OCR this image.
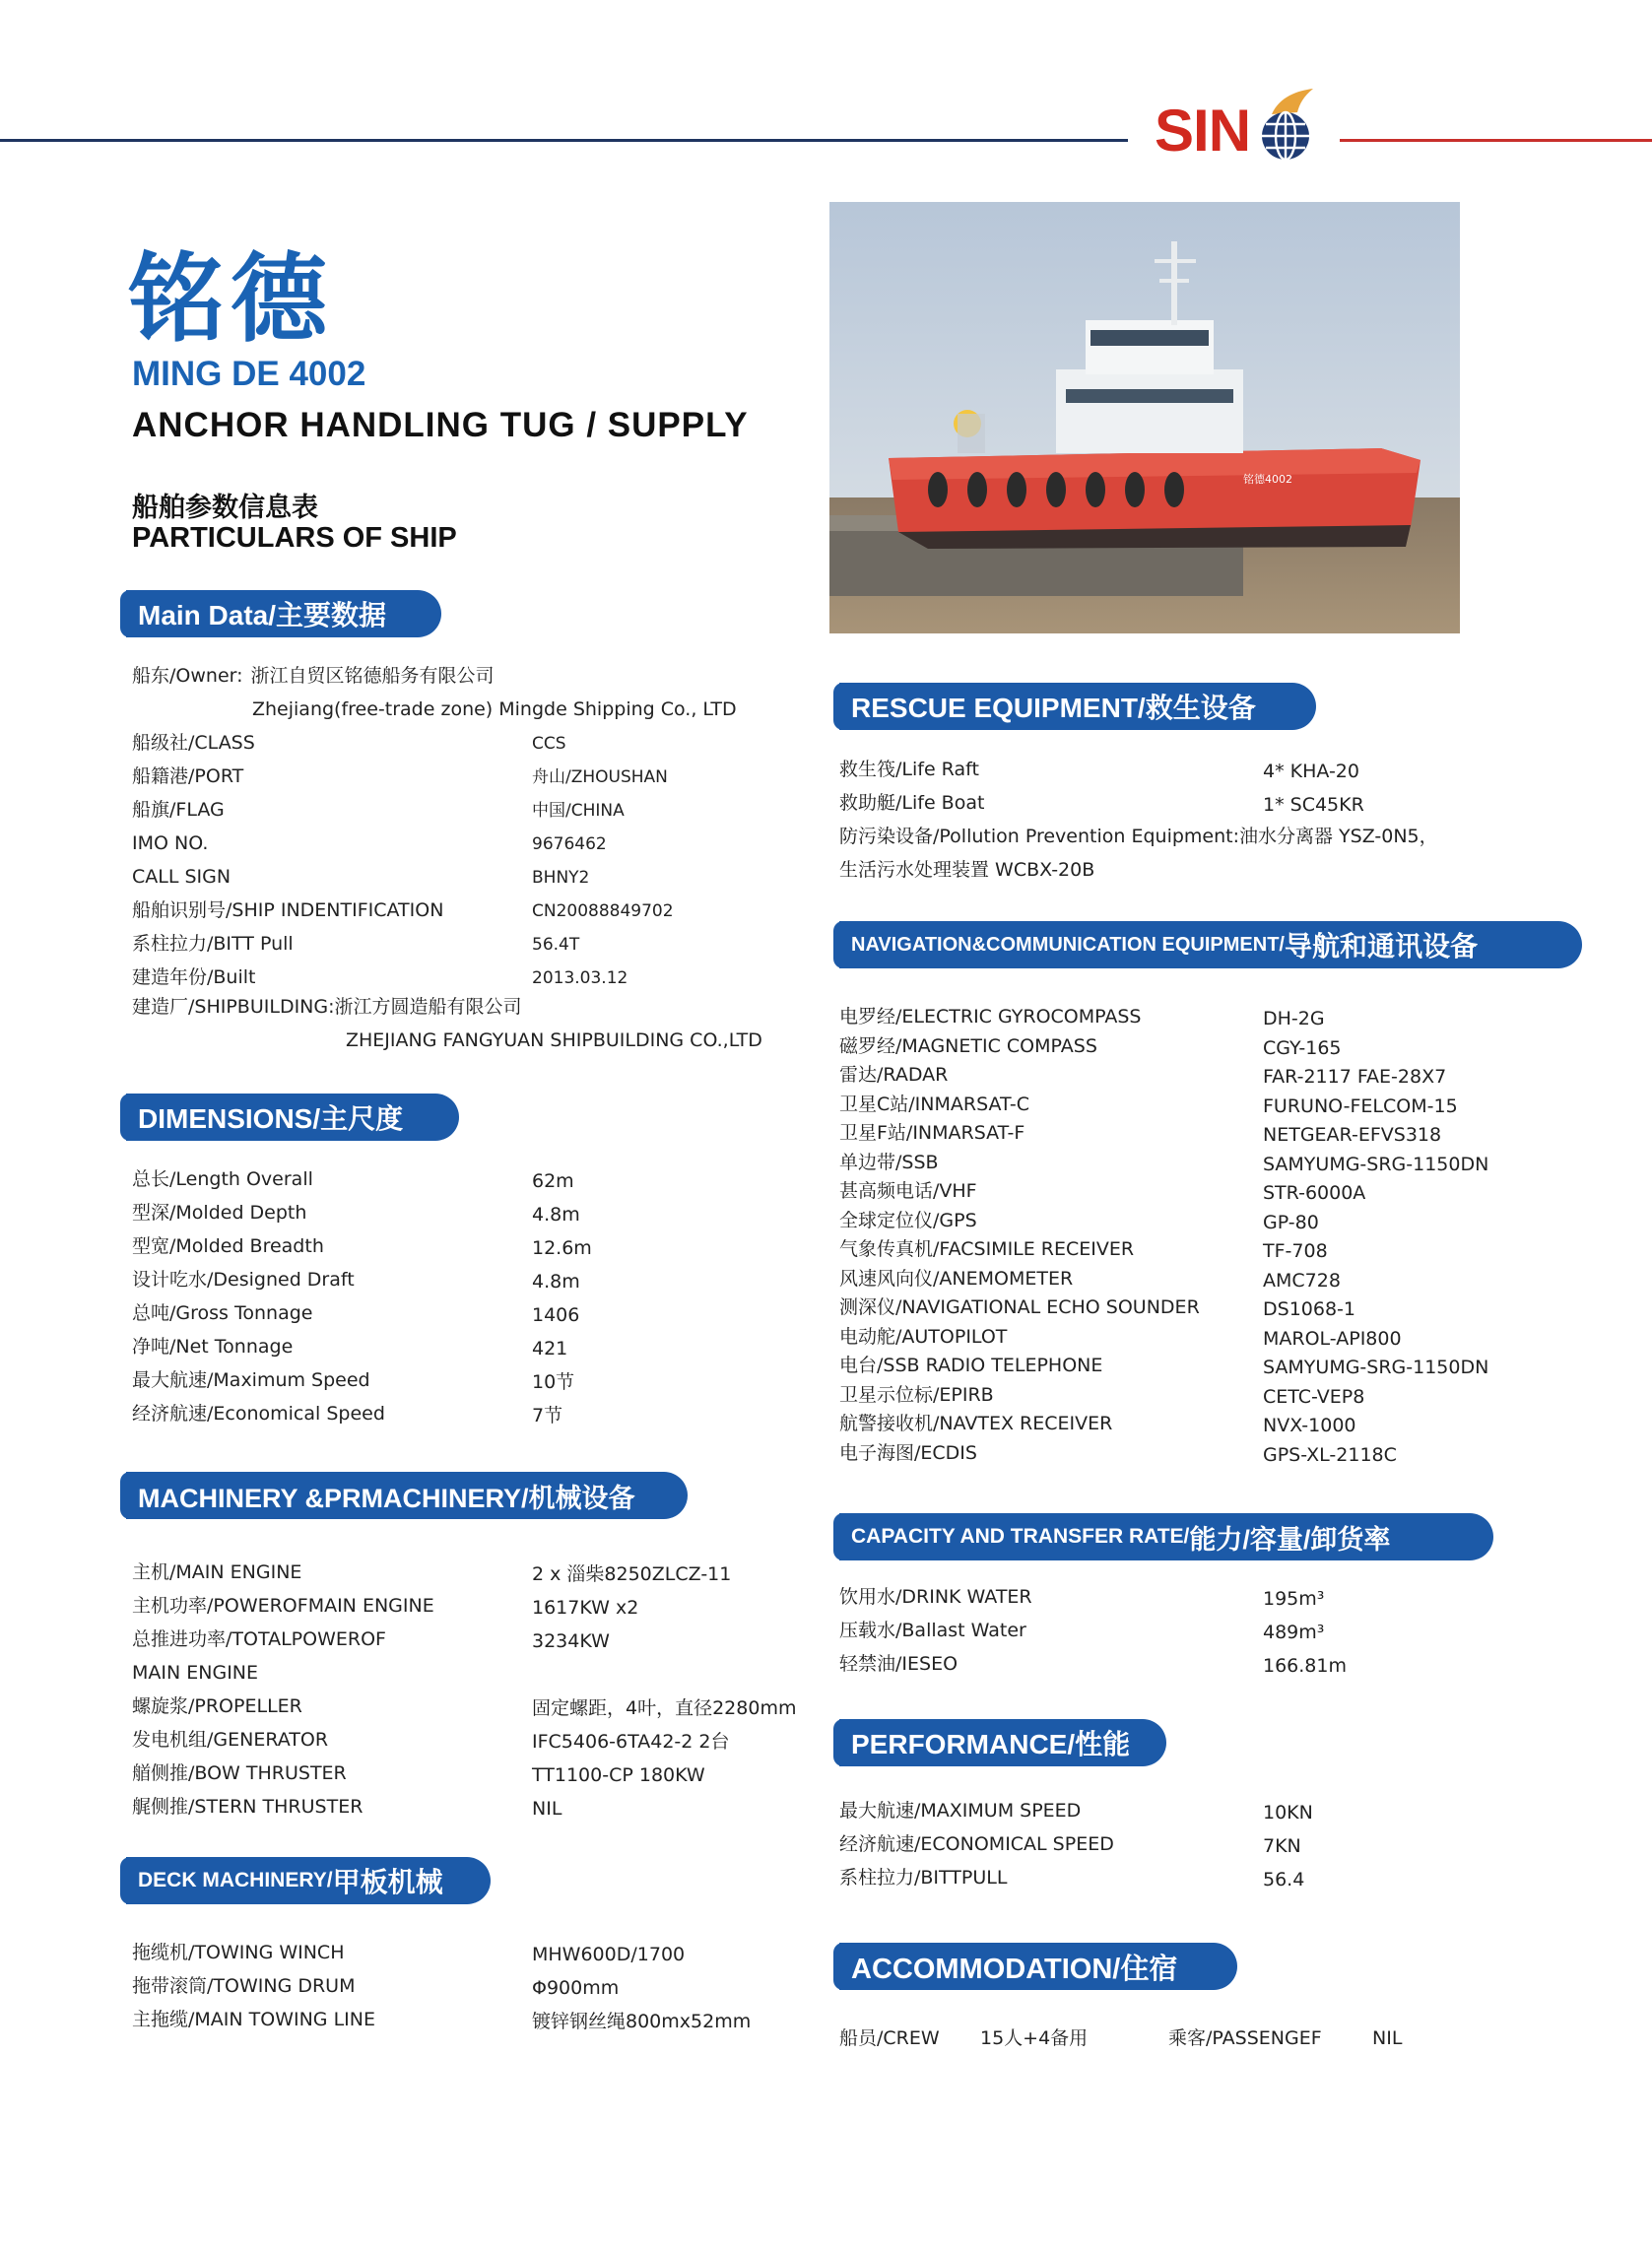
SIN
铭德
MING DE 4002
ANCHOR HANDLING TUG / SUPPLY
船舶参数信息表
PARTICULARS OF SHIP
铭德4002
Main Data/主要数据
船东/Owner: 浙江自贸区铭德船务有限公司
Zhejiang(free-trade zone) Mingde Shipping Co., LTD
船级社/CLASS	CCS
船籍港/PORT	舟山/ZHOUSHAN
船旗/FLAG	中国/CHINA
IMO NO.	9676462
CALL SIGN	BHNY2
船舶识别号/SHIP INDENTIFICATION	CN20088849702
系柱拉力/BITT Pull	56.4T
建造年份/Built	2013.03.12
建造厂/SHIPBUILDING:浙江方圆造船有限公司
ZHEJIANG FANGYUAN SHIPBUILDING CO.,LTD
DIMENSIONS/主尺度
总长/Length Overall	62m
型深/Molded Depth	4.8m
型宽/Molded Breadth	12.6m
设计吃水/Designed Draft	4.8m
总吨/Gross Tonnage	1406
净吨/Net Tonnage	421
最大航速/Maximum Speed	10节
经济航速/Economical Speed	7节
MACHINERY &PRMACHINERY/机械设备
主机/MAIN ENGINE	2 x 淄柴8250ZLCZ-11
主机功率/POWEROFMAIN ENGINE	1617KW x2
总推进功率/TOTALPOWEROF	3234KW
MAIN ENGINE
螺旋浆/PROPELLER	固定螺距，4叶，直径2280mm
发电机组/GENERATOR	IFC5406-6TA42-2 2台
艏侧推/BOW THRUSTER	TT1100-CP 180KW
艉侧推/STERN THRUSTER	NIL
DECK MACHINERY/ 甲板机械
拖缆机/TOWING WINCH	MHW600D/1700
拖带滚筒/TOWING DRUM	Φ900mm
主拖缆/MAIN TOWING LINE	镀锌钢丝绳800mx52mm
RESCUE EQUIPMENT/救生设备
救生筏/Life Raft	4* KHA-20
救助艇/Life Boat	1* SC45KR
防污染设备/Pollution Prevention Equipment:油水分离器 YSZ-0N5，
生活污水处理装置 WCBX-20B
NAVIGATION&COMMUNICATION EQUIPMENT/ 导航和通讯设备
电罗经/ELECTRIC GYROCOMPASS	DH-2G
磁罗经/MAGNETIC COMPASS	CGY-165
雷达/RADAR	FAR-2117 FAE-28X7
卫星C站/INMARSAT-C	FURUNO-FELCOM-15
卫星F站/INMARSAT-F	NETGEAR-EFVS318
单边带/SSB	SAMYUMG-SRG-1150DN
甚高频电话/VHF	STR-6000A
全球定位仪/GPS	GP-80
气象传真机/FACSIMILE RECEIVER	TF-708
风速风向仪/ANEMOMETER	AMC728
测深仪/NAVIGATIONAL ECHO SOUNDER	DS1068-1
电动舵/AUTOPILOT	MAROL-API800
电台/SSB RADIO TELEPHONE	SAMYUMG-SRG-1150DN
卫星示位标/EPIRB	CETC-VEP8
航警接收机/NAVTEX RECEIVER	NVX-1000
电子海图/ECDIS	GPS-XL-2118C
CAPACITY AND TRANSFER RATE/ 能力/容量/卸货率
饮用水/DRINK WATER	195m³
压载水/Ballast Water	489m³
轻禁油/IESEO	166.81m
PERFORMANCE/性能
最大航速/MAXIMUM SPEED	10KN
经济航速/ECONOMICAL SPEED	7KN
系柱拉力/BITTPULL	56.4
ACCOMMODATION/住宿
船员/CREW 15人+4备用	乘客/PASSENGEF	NIL
